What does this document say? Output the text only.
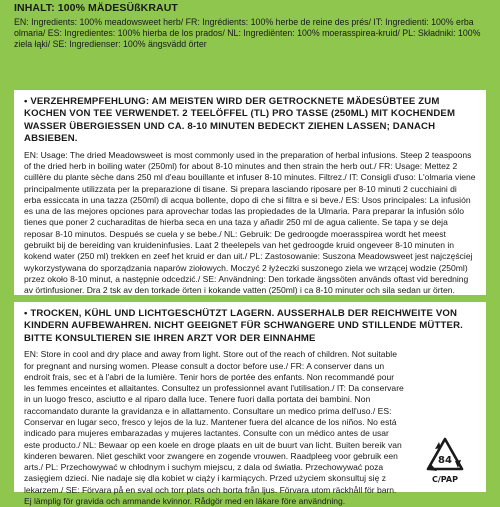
INHALT: 100% MÄDESÜßKRAUT

EN: Ingredients: 100% meadowsweet herb/ FR: Ingrédients: 100% herbe de reine des prés/ IT: Ingredienti: 100% erba olmaria/ ES: Ingredientes: 100% hierba de los prados/ NL: Ingrediënten: 100% moerasspirea-kruid/ PL: Składniki: 100% ziela łąki/ SE: Ingredienser: 100% ängsvädd örter

• VERZEHREMPFEHLUNG: AM MEISTEN WIRD DER GETROCKNETE MÄDESÜBTEE ZUM KOCHEN VON TEE VERWENDET. 2 TEELÖFFEL (TL) PRO TASSE (250ML) MIT KOCHENDEM WASSER ÜBERGIESSEN UND CA. 8-10 MINUTEN BEDECKT ZIEHEN LASSEN; DANACH ABSIEBEN.

EN: Usage: The dried Meadowsweet is most commonly used in the preparation of herbal infusions. Steep 2 teaspoons of the dried herb in boiling water (250ml) for about 8-10 minutes and then strain the herb out./ FR: Usage: Mettez 2 cuillère du plante sèche dans 250 ml d'eau bouillante et infuser 8-10 minutes. Filtrez./ IT: Consigli d'uso: L'olmaria viene principalmente utilizzata per la preparazione di tisane. Si prepara lasciando riposare per 8-10 minuti 2 cucchiaini di erba essiccata in una tazza (250ml) di acqua bollente, dopo di che si filtra e si beve./ ES: Usos principales: La infusión es una de las mejores opciones para aprovechar todas las propiedades de la Ulmaria. Para preparar la infusión sólo tienes que poner 2 cucharaditas de hierba seca en una taza y añadir 250 ml de agua caliente. Se tapa y se deja reposar 8-10 minutos. Después se cuela y se bebe./ NL: Gebruik: De gedroogde moerasspirea wordt het meest gebruikt bij de bereiding van kruideninfusies. Laat 2 theelepels van het gedroogde kruid ongeveer 8-10 minuten in kokend water (250 ml) trekken en zeef het kruid er dan uit./ PL: Zastosowanie: Suszona Meadowsweet jest najczęściej wykorzystywana do sporządzania naparów ziołowych. Moczyć 2 łyżeczki suszonego ziela we wrzącej wodzie (250ml) przez około 8-10 minut, a następnie odcedzić./ SE: Användning: Den torkade ängssöten används oftast vid beredning av örtinfusioner. Dra 2 tsk av den torkade örten i kokande vatten (250ml) i ca 8-10 minuter och sila sedan ur örten.

• TROCKEN, KÜHL UND LICHTGESCHÜTZT LAGERN. AUSSERHALB DER REICHWEITE VON KINDERN AUFBEWAHREN. NICHT GEEIGNET FÜR SCHWANGERE UND STILLENDE MÜTTER. BITTE KONSULTIEREN SIE IHREN ARZT VOR DER EINNAHME

EN: Store in cool and dry place and away from light. Store out of the reach of children. Not suitable for pregnant and nursing women. Please consult a doctor before use./ FR: A conserver dans un endroit frais, sec et à l'abri de la lumière. Tenir hors de portée des enfants. Non recommandé pour les femmes enceintes et allaitantes. Consultez un professionnel avant l'utilisation./ IT: Da conservare in un luogo fresco, asciutto e al riparo dalla luce. Tenere fuori dalla portata dei bambini. Non raccomandato durante la gravidanza e in allattamento. Consultare un medico prima dell'uso./ ES: Conservar en lugar seco, fresco y lejos de la luz. Mantener fuera del alcance de los niños. No está indicado para mujeres embarazadas y mujeres lactantes. Consulte con un médico antes de usar este producto./ NL: Bewaar op een koele en droge plaats en uit de buurt van licht. Buiten bereik van kinderen bewaren. Niet geschikt voor zwangere en zogende vrouwen. Raadpleeg voor gebruik een arts./ PL: Przechowywać w chłodnym i suchym miejscu, z dala od światła. Przechowywać poza zasięgiem dzieci. Nie nadaje się dla kobiet w ciąży i karmiących. Przed użyciem skonsultuj się z lekarzem./ SE: Förvara på en sval och torr plats och borta från ljus. Förvara utom räckhåll för barn. Ej lämplig för gravida och ammande kvinnor. Rådgör med en läkare före användning.

84
C/PAP
